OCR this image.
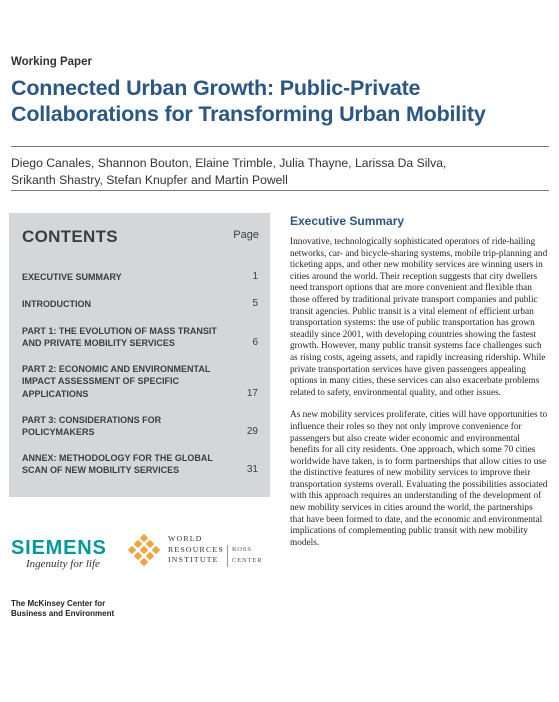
Working Paper
Connected Urban Growth: Public-Private
Collaborations for Transforming Urban Mobility
Diego Canales, Shannon Bouton, Elaine Trimble, Julia Thayne, Larissa Da Silva,
Srikanth Shastry, Stefan Knupfer and Martin Powell
CONTENTS	Page
EXECUTIVE SUMMARY	1
INTRODUCTION	5
PART 1: THE EVOLUTION OF MASS TRANSIT
AND PRIVATE MOBILITY SERVICES	6
PART 2: ECONOMIC AND ENVIRONMENTAL
IMPACT ASSESSMENT OF SPECIFIC
APPLICATIONS	17
PART 3: CONSIDERATIONS FOR
POLICYMAKERS	29
ANNEX: METHODOLOGY FOR THE GLOBAL
SCAN OF NEW MOBILITY SERVICES	31
Executive Summary

Innovative, technologically sophisticated operators of ride-hailing networks, car- and bicycle-sharing systems, mobile trip-planning and ticketing apps, and other new mobility services are winning users in cities around the world. Their reception suggests that city dwellers need transport options that are more convenient and flexible than those offered by traditional private transport companies and public transit agencies. Public transit is a vital element of efficient urban transportation systems: the use of public transportation has grown steadily since 2001, with developing countries showing the fastest growth. However, many public transit systems face challenges such as rising costs, ageing assets, and rapidly increasing ridership. While private transportation services have given passengers appealing options in many cities, these services can also exacerbate problems related to safety, environmental quality, and other issues.

As new mobility services proliferate, cities will have opportunities to influence their roles so they not only improve convenience for passengers but also create wider economic and environmental benefits for all city residents. One approach, which some 70 cities worldwide have taken, is to form partnerships that allow cities to use the distinctive features of new mobility services to improve their transportation systems overall. Evaluating the possibilities associated with this approach requires an understanding of the development of new mobility services in cities around the world, the partnerships that have been formed to date, and the economic and environmental implications of complementing public transit with new mobility models.

SIEMENS
Ingenuity for life
WORLD
RESOURCES
INSTITUTE
ROSS
CENTER
The McKinsey Center for
Business and Environment
